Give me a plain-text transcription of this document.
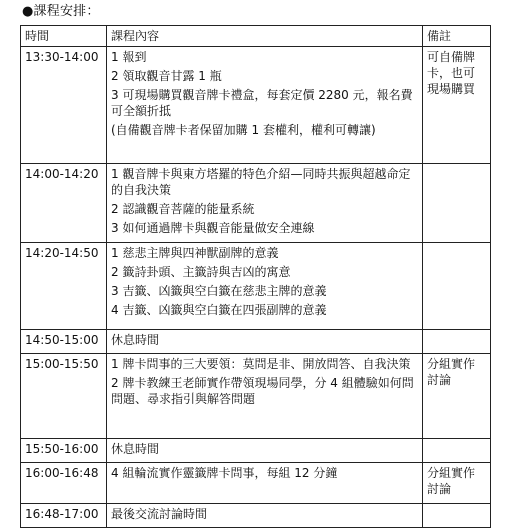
●課程安排：
時間	課程內容	備註
13:30-14:00	1 報到
2 領取觀音甘露 1 瓶
3 可現場購買觀音牌卡禮盒，每套定價 2280 元，報名費可全額折抵
(自備觀音牌卡者保留加購 1 套權利，權利可轉讓)	可自備牌卡，也可現場購買
14:00-14:20	1 觀音牌卡與東方塔羅的特色介紹—同時共振與超越命定的自我決策
2 認識觀音菩薩的能量系統
3 如何通過牌卡與觀音能量做安全連線	

14:20-14:50	1 慈悲主牌與四神獸副牌的意義
2 籤詩卦頭、主籤詩與吉凶的寓意
3 吉籤、凶籤與空白籤在慈悲主牌的意義
4 吉籤、凶籤與空白籤在四張副牌的意義	

14:50-15:00	休息時間	

15:00-15:50	1 牌卡問事的三大要領：莫問是非、開放問答、自我決策
2 牌卡教練王老師實作帶領現場同學，分 4 組體驗如何問問題、尋求指引與解答問題	分組實作討論
15:50-16:00	休息時間	

16:00-16:48	4 組輪流實作靈籤牌卡問事，每組 12 分鐘	分組實作討論
16:48-17:00	最後交流討論時間	
